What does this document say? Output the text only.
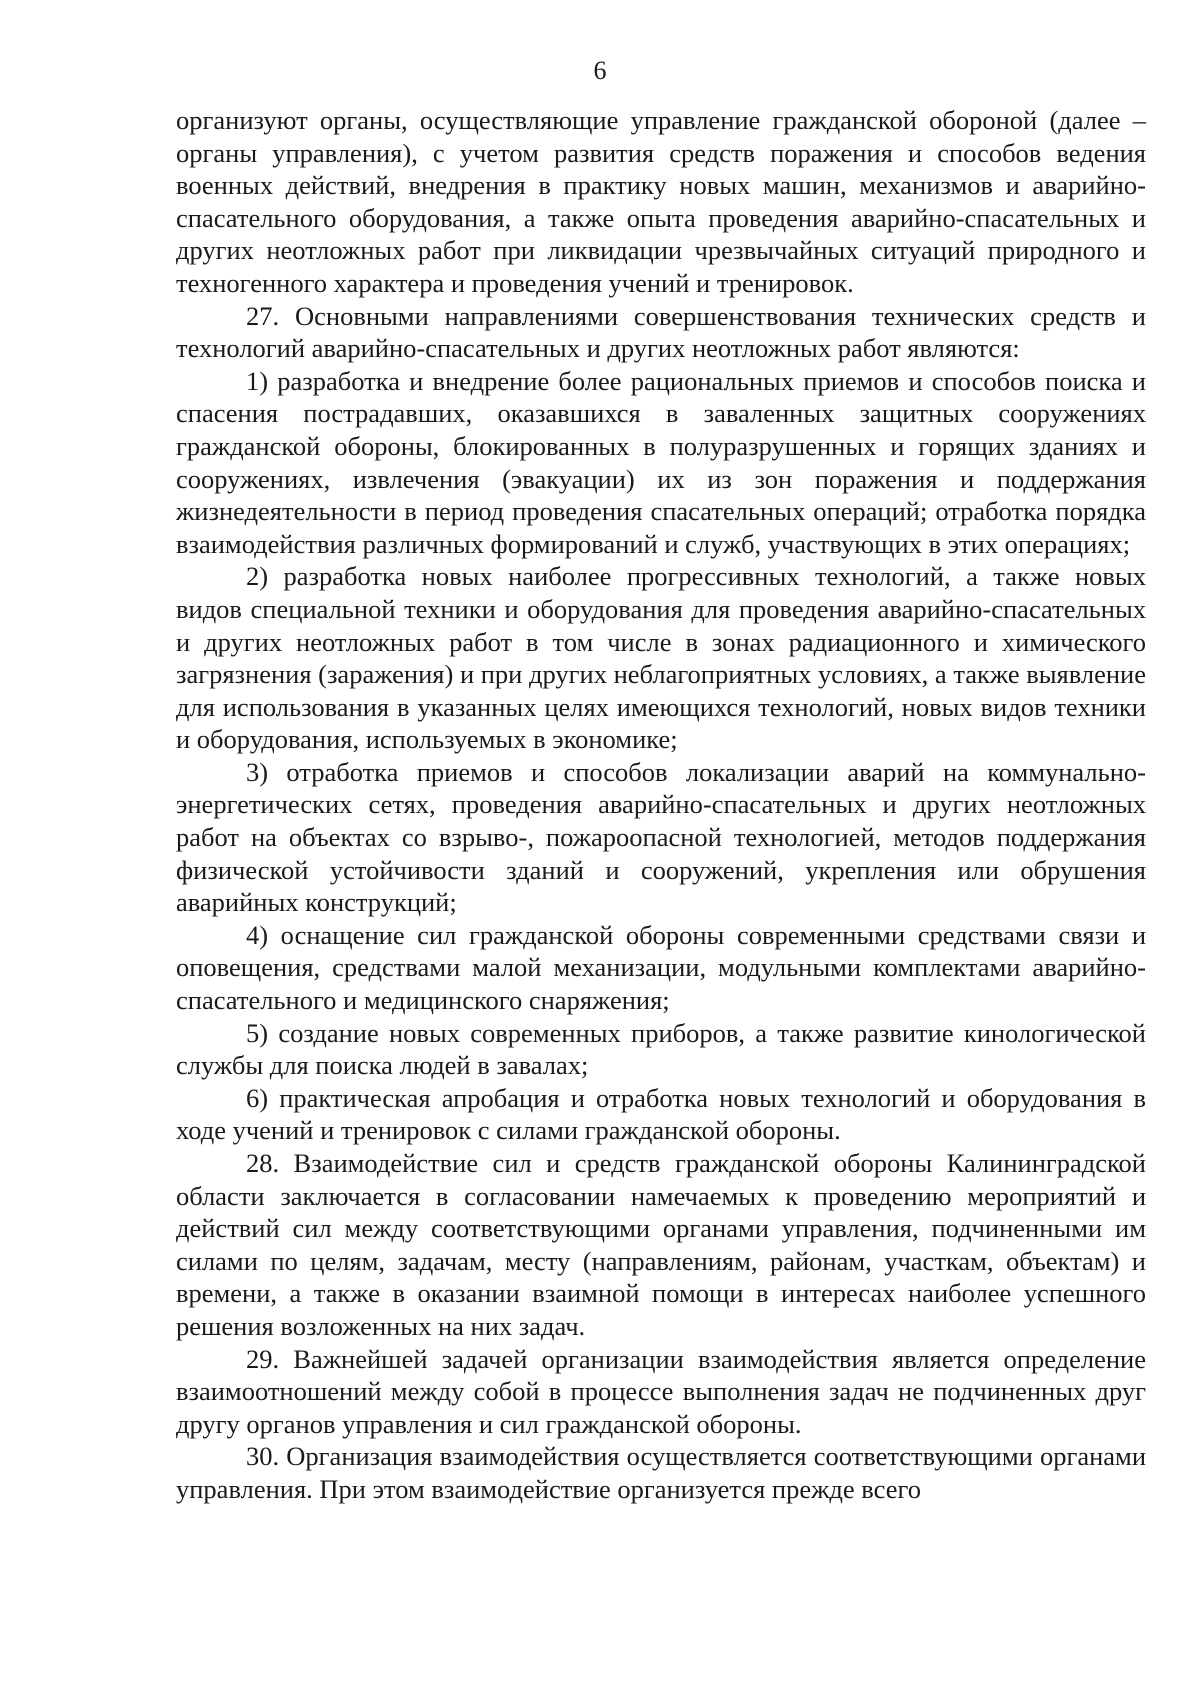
6

организуют органы, осуществляющие управление гражданской обороной (далее – органы управления), с учетом развития средств поражения и способов ведения военных действий, внедрения в практику новых машин, механизмов и аварийно-спасательного оборудования, а также опыта проведения аварийно-спасательных и других неотложных работ при ликвидации чрезвычайных ситуаций природного и техногенного характера и проведения учений и тренировок.

27. Основными направлениями совершенствования технических средств и технологий аварийно-спасательных и других неотложных работ являются:

1) разработка и внедрение более рациональных приемов и способов поиска и спасения пострадавших, оказавшихся в заваленных защитных сооружениях гражданской обороны, блокированных в полуразрушенных и горящих зданиях и сооружениях, извлечения (эвакуации) их из зон поражения и поддержания жизнедеятельности в период проведения спасательных операций; отработка порядка взаимодействия различных формирований и служб, участвующих в этих операциях;

2) разработка новых наиболее прогрессивных технологий, а также новых видов специальной техники и оборудования для проведения аварийно-спасательных и других неотложных работ в том числе в зонах радиационного и химического загрязнения (заражения) и при других неблагоприятных условиях, а также выявление для использования в указанных целях имеющихся технологий, новых видов техники и оборудования, используемых в экономике;

3) отработка приемов и способов локализации аварий на коммунально-энергетических сетях, проведения аварийно-спасательных и других неотложных работ на объектах со взрыво-, пожароопасной технологией, методов поддержания физической устойчивости зданий и сооружений, укрепления или обрушения аварийных конструкций;

4) оснащение сил гражданской обороны современными средствами связи и оповещения, средствами малой механизации, модульными комплектами аварийно-спасательного и медицинского снаряжения;

5) создание новых современных приборов, а также развитие кинологической службы для поиска людей в завалах;

6) практическая апробация и отработка новых технологий и оборудования в ходе учений и тренировок с силами гражданской обороны.

28. Взаимодействие сил и средств гражданской обороны Калининградской области заключается в согласовании намечаемых к проведению мероприятий и действий сил между соответствующими органами управления, подчиненными им силами по целям, задачам, месту (направлениям, районам, участкам, объектам) и времени, а также в оказании взаимной помощи в интересах наиболее успешного решения возложенных на них задач.

29. Важнейшей задачей организации взаимодействия является определение взаимоотношений между собой в процессе выполнения задач не подчиненных друг другу органов управления и сил гражданской обороны.

30. Организация взаимодействия осуществляется соответствующими органами управления. При этом взаимодействие организуется прежде всего
